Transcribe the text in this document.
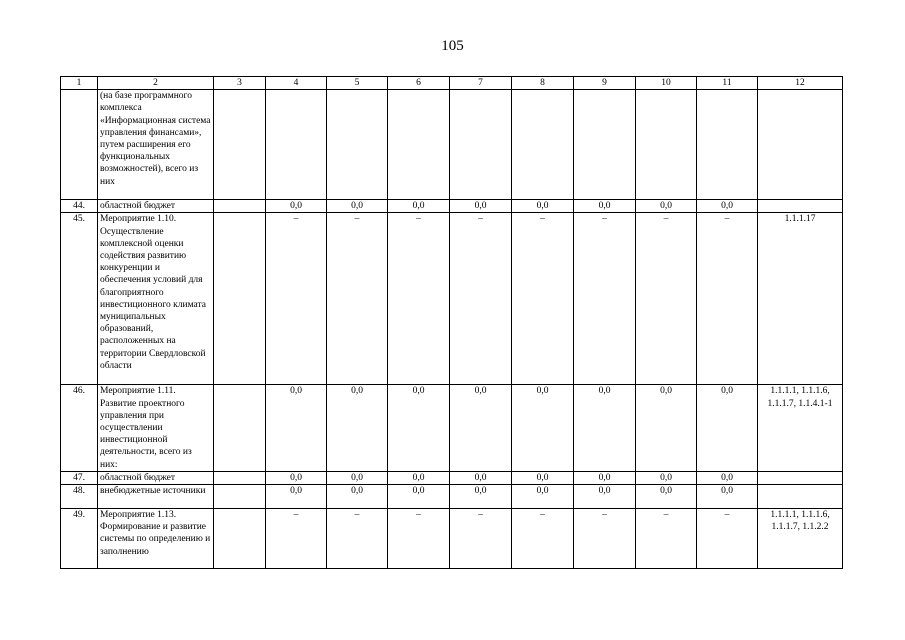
105
1	2	3	4	5	6	7	8	9	10	11	12
	(на базе программного комплекса «Информационная система управления финансами», путем расширения его функциональных возможностей), всего из них										
44.	областной бюджет		0,0	0,0	0,0	0,0	0,0	0,0	0,0	0,0	
45.	Мероприятие 1.10. Осуществление комплексной оценки содействия развитию конкуренции и обеспечения условий для благоприятного инвестиционного климата муниципальных образований, расположенных на территории Свердловской области		–	–	–	–	–	–	–	–	1.1.1.17
46.	Мероприятие 1.11. Развитие проектного управления при осуществлении инвестиционной деятельности, всего из них:		0,0	0,0	0,0	0,0	0,0	0,0	0,0	0,0	1.1.1.1, 1.1.1.6, 1.1.1.7, 1.1.4.1-1
47.	областной бюджет		0,0	0,0	0,0	0,0	0,0	0,0	0,0	0,0	
48.	внебюджетные источники		0,0	0,0	0,0	0,0	0,0	0,0	0,0	0,0	
49.	Мероприятие 1.13. Формирование и развитие системы по определению и заполнению		–	–	–	–	–	–	–	–	1.1.1.1, 1.1.1.6, 1.1.1.7, 1.1.2.2
